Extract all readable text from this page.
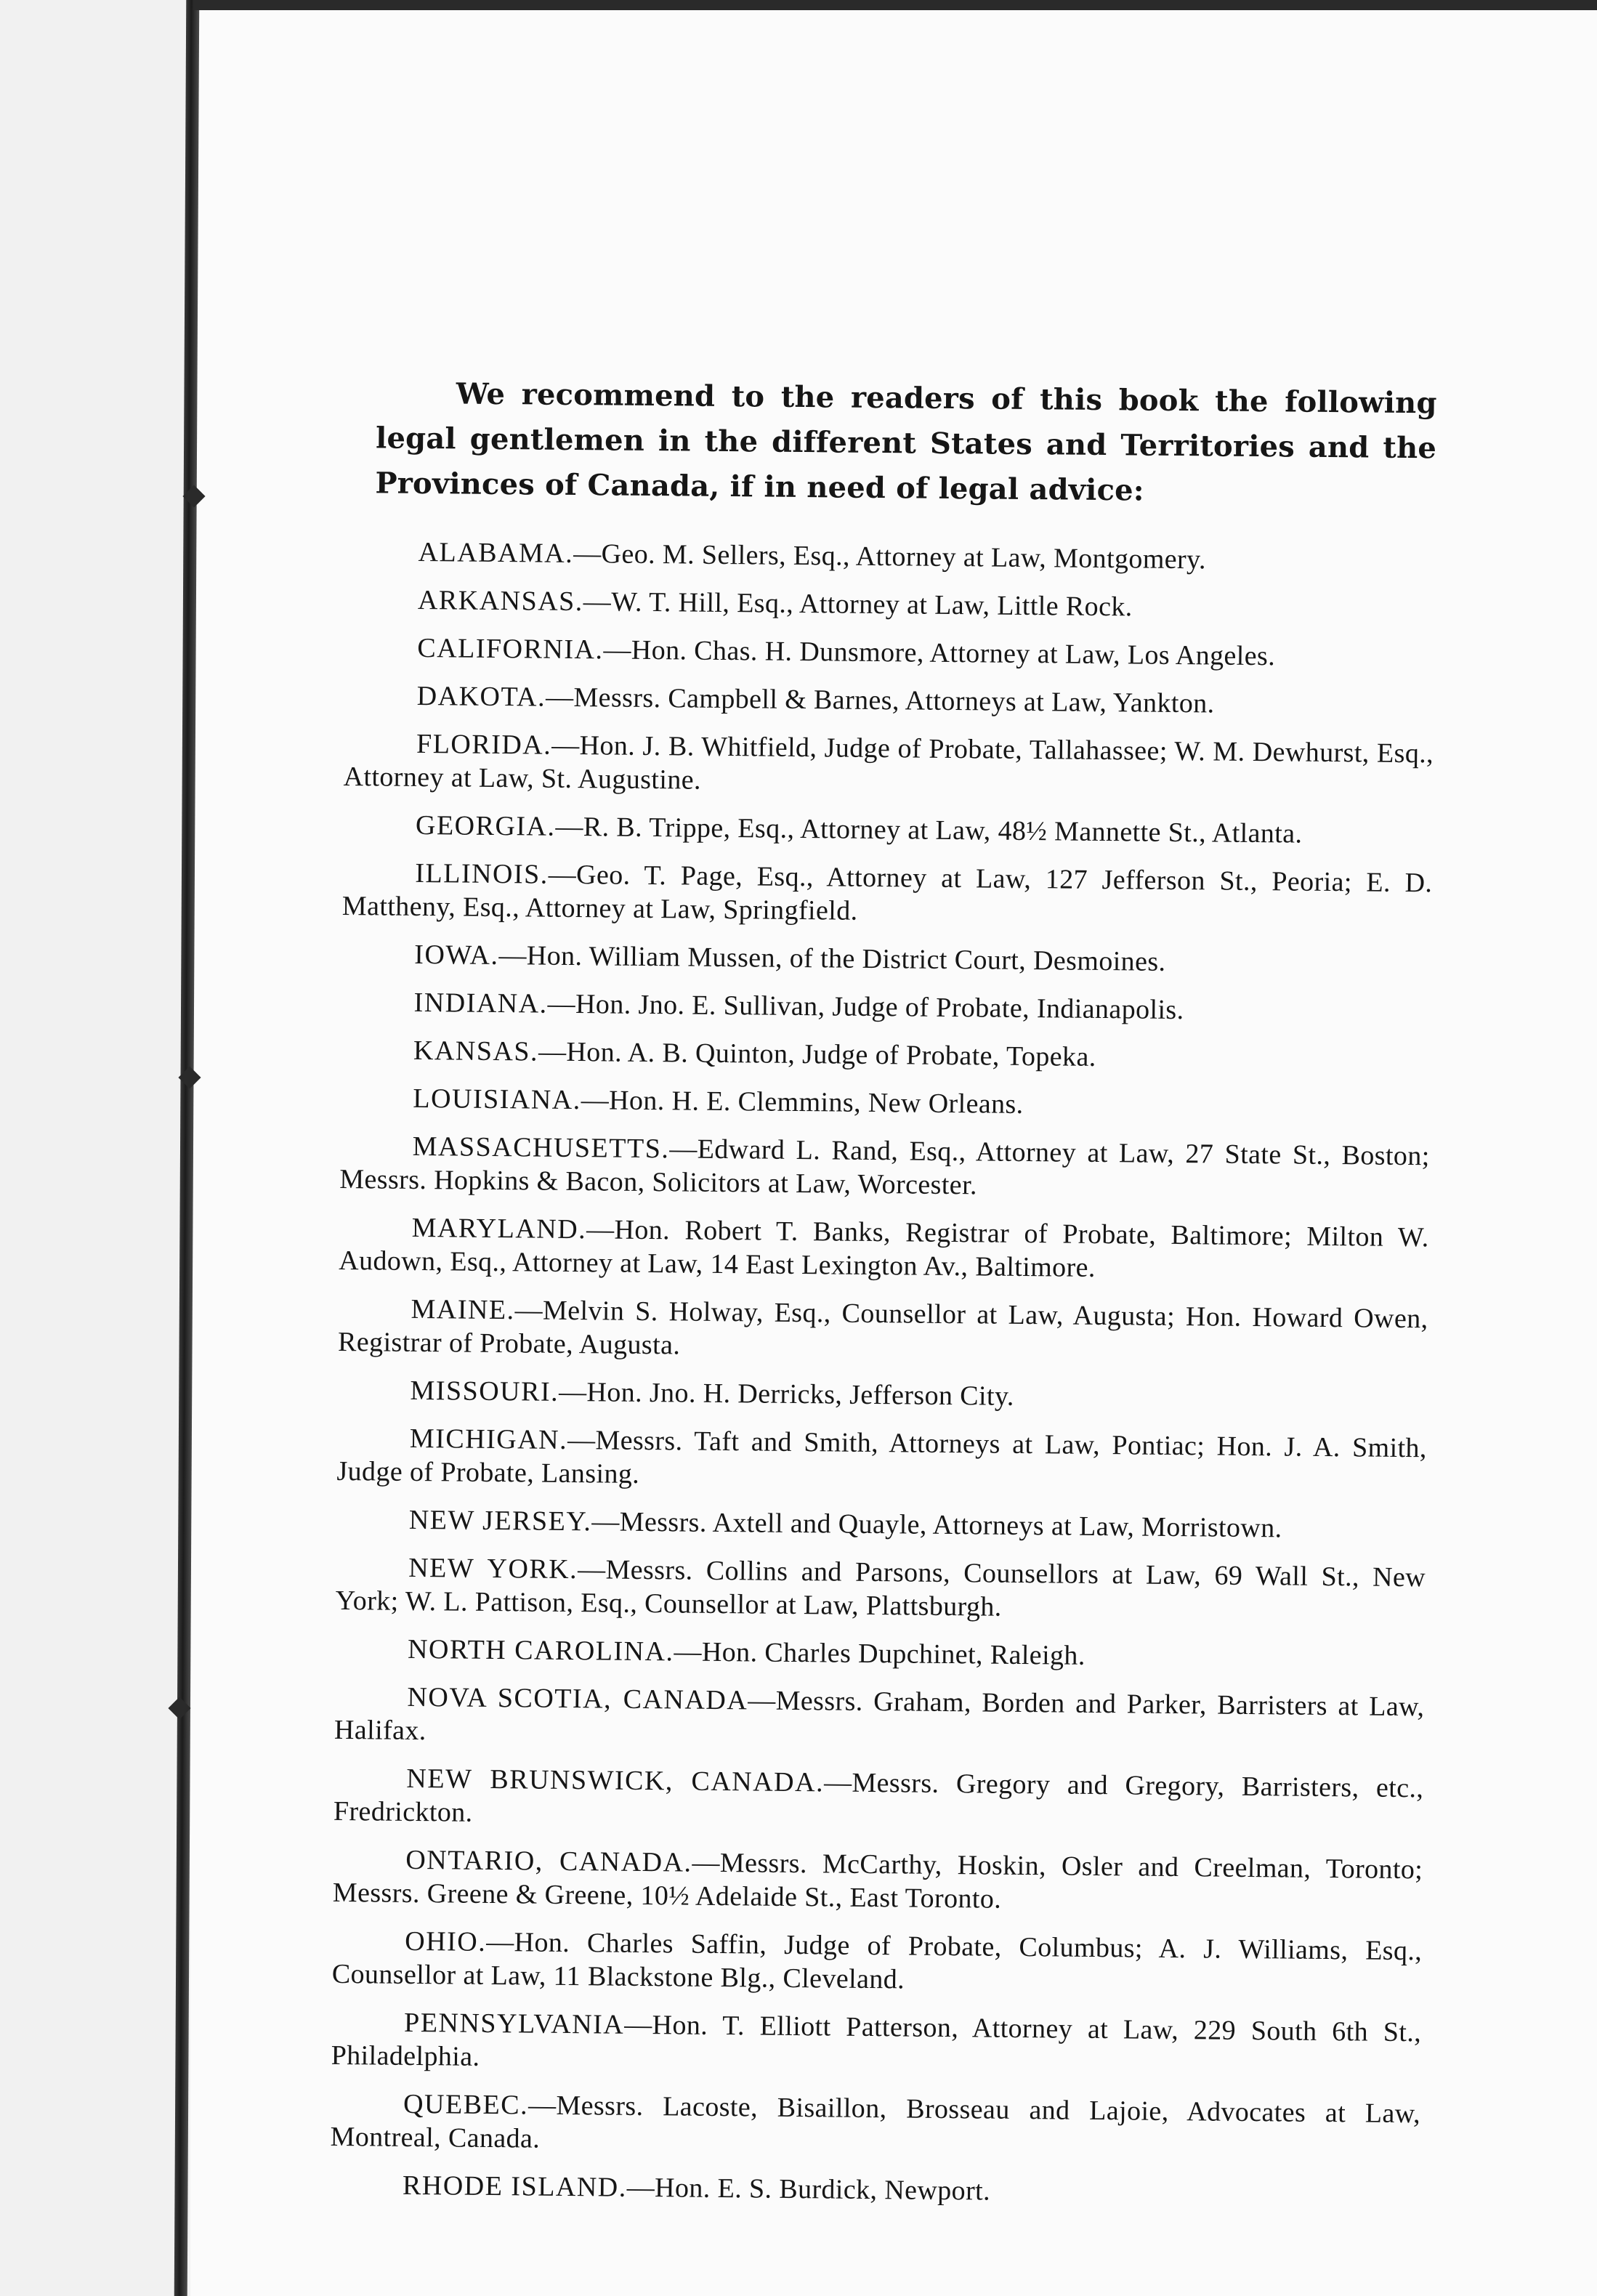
We recommend to the readers of this book the following legal gentlemen in the different States and Territories and the Provinces of Canada, if in need of legal advice:

ALABAMA.—Geo. M. Sellers, Esq., Attorney at Law, Montgomery.
ARKANSAS.—W. T. Hill, Esq., Attorney at Law, Little Rock.
CALIFORNIA.—Hon. Chas. H. Dunsmore, Attorney at Law, Los Angeles.
DAKOTA.—Messrs. Campbell & Barnes, Attorneys at Law, Yankton.
FLORIDA.—Hon. J. B. Whitfield, Judge of Probate, Tallahassee; W. M. Dewhurst, Esq., Attorney at Law, St. Augustine.
GEORGIA.—R. B. Trippe, Esq., Attorney at Law, 48½ Mannette St., Atlanta.
ILLINOIS.—Geo. T. Page, Esq., Attorney at Law, 127 Jefferson St., Peoria; E. D. Mattheny, Esq., Attorney at Law, Springfield.
IOWA.—Hon. William Mussen, of the District Court, Desmoines.
INDIANA.—Hon. Jno. E. Sullivan, Judge of Probate, Indianapolis.
KANSAS.—Hon. A. B. Quinton, Judge of Probate, Topeka.
LOUISIANA.—Hon. H. E. Clemmins, New Orleans.
MASSACHUSETTS.—Edward L. Rand, Esq., Attorney at Law, 27 State St., Boston; Messrs. Hopkins & Bacon, Solicitors at Law, Worcester.
MARYLAND.—Hon. Robert T. Banks, Registrar of Probate, Baltimore; Milton W. Audown, Esq., Attorney at Law, 14 East Lexington Av., Baltimore.
MAINE.—Melvin S. Holway, Esq., Counsellor at Law, Augusta; Hon. Howard Owen, Registrar of Probate, Augusta.
MISSOURI.—Hon. Jno. H. Derricks, Jefferson City.
MICHIGAN.—Messrs. Taft and Smith, Attorneys at Law, Pontiac; Hon. J. A. Smith, Judge of Probate, Lansing.
NEW JERSEY.—Messrs. Axtell and Quayle, Attorneys at Law, Morristown.
NEW YORK.—Messrs. Collins and Parsons, Counsellors at Law, 69 Wall St., New York; W. L. Pattison, Esq., Counsellor at Law, Plattsburgh.
NORTH CAROLINA.—Hon. Charles Dupchinet, Raleigh.
NOVA SCOTIA, CANADA—Messrs. Graham, Borden and Parker, Barristers at Law, Halifax.
NEW BRUNSWICK, CANADA.—Messrs. Gregory and Gregory, Barristers, etc., Fredrickton.
ONTARIO, CANADA.—Messrs. McCarthy, Hoskin, Osler and Creelman, Toronto; Messrs. Greene & Greene, 10½ Adelaide St., East Toronto.
OHIO.—Hon. Charles Saffin, Judge of Probate, Columbus; A. J. Williams, Esq., Counsellor at Law, 11 Blackstone Blg., Cleveland.
PENNSYLVANIA—Hon. T. Elliott Patterson, Attorney at Law, 229 South 6th St., Philadelphia.
QUEBEC.—Messrs. Lacoste, Bisaillon, Brosseau and Lajoie, Advocates at Law, Montreal, Canada.
RHODE ISLAND.—Hon. E. S. Burdick, Newport.
